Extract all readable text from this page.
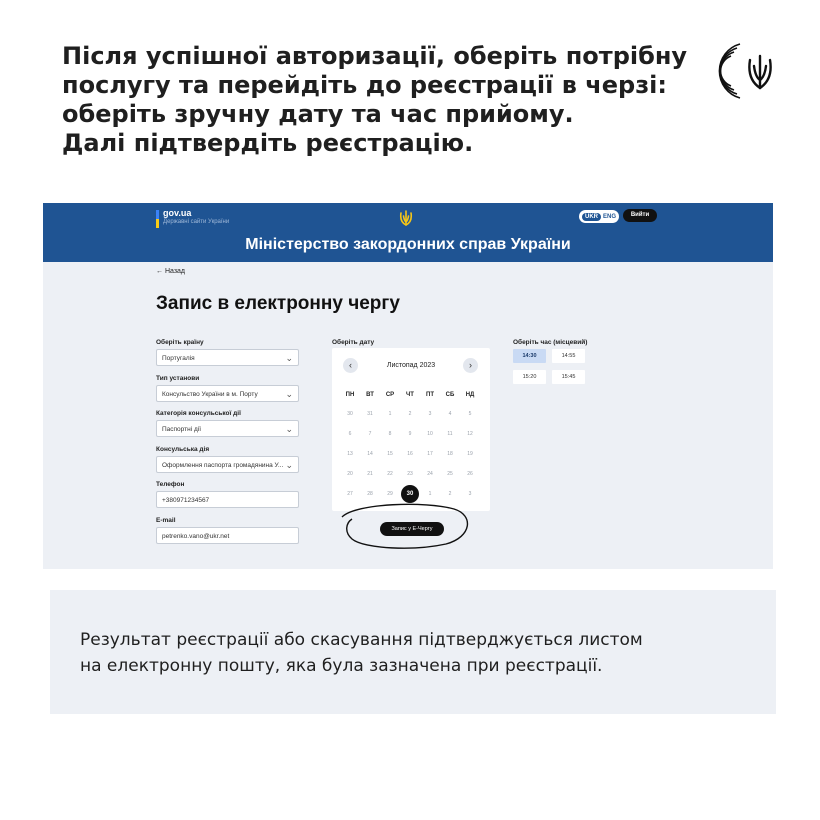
Після успішної авторизації, оберіть потрібну
послугу та перейдіть до реєстрації в черзі:
оберіть зручну дату та час прийому.
Далі підтвердіть реєстрацію.
gov.ua
Державні сайти України
UKR ENG	Вийти
Міністерство закордонних справ України
← Назад
Запис в електронну чергу
Оберіть країну
Португалія	⌄
Тип установи
Консульство України в м. Порту	⌄
Категорія консульської дії
Паспортні дії	⌄
Консульська дія
Оформлення паспорта громадянина У... ⌄
Телефон
+380971234567
E-mail
petrenko.vano@ukr.net
Оберіть дату
‹	Листопад 2023	›
ПН	ВТ	СР	ЧТ	ПТ	СБ	НД
30	31	1	2	3	4	5
6	7	8	9	10	11	12
13	14	15	16	17	18	19
20	21	22	23	24	25	26
27	28	29	30	1	2	3
Оберіть час (місцевий)
14:30	14:55
15:20	15:45
Запис у Е-Чергу

Результат реєстрації або скасування підтверджується листом
на електронну пошту, яка була зазначена при реєстрації.
